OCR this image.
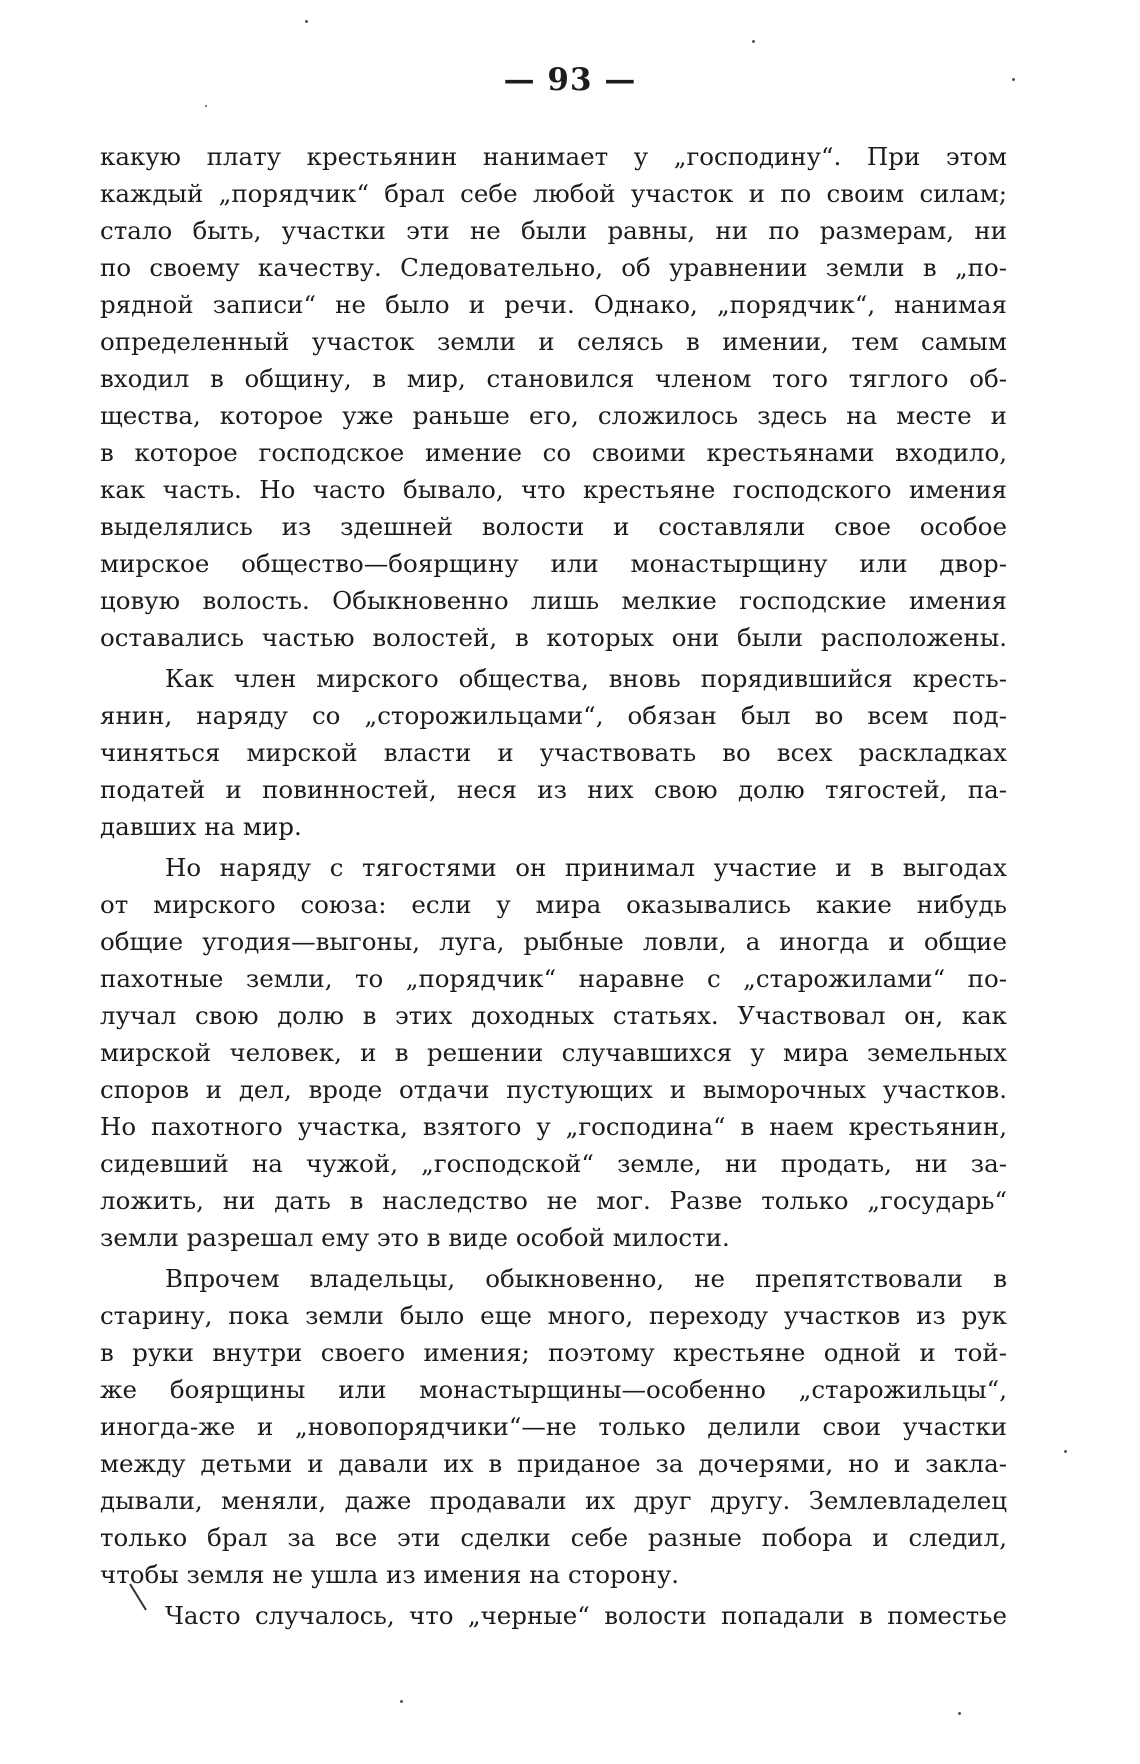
— 93 —
какую плату крестьянин нанимает у „господину“. При этом
каждый „порядчик“ брал себе любой участок и по своим силам;
стало быть, участки эти не были равны, ни по размерам, ни
по своему качеству. Следовательно, об уравнении земли в „по-
рядной записи“ не было и речи. Однако, „порядчик“, нанимая
определенный участок земли и селясь в имении, тем самым
входил в общину, в мир, становился членом того тяглого об-
щества, которое уже раньше его, сложилось здесь на месте и
в которое господское имение со своими крестьянами входило,
как часть. Но часто бывало, что крестьяне господского имения
выделялись из здешней волости и составляли свое особое
мирское общество—боярщину или монастырщину или двор-
цовую волость. Обыкновенно лишь мелкие господские имения
оставались частью волостей, в которых они были расположены.
Как член мирского общества, вновь порядившийся кресть-
янин, наряду со „сторожильцами“, обязан был во всем под-
чиняться мирской власти и участвовать во всех раскладках
податей и повинностей, неся из них свою долю тягостей, па-
давших на мир.
Но наряду с тягостями он принимал участие и в выгодах
от мирского союза: если у мира оказывались какие нибудь
общие угодия—выгоны, луга, рыбные ловли, а иногда и общие
пахотные земли, то „порядчик“ наравне с „старожилами“ по-
лучал свою долю в этих доходных статьях. Участвовал он, как
мирской человек, и в решении случавшихся у мира земельных
споров и дел, вроде отдачи пустующих и выморочных участков.
Но пахотного участка, взятого у „господина“ в наем крестьянин,
сидевший на чужой, „господской“ земле, ни продать, ни за-
ложить, ни дать в наследство не мог. Разве только „государь“
земли разрешал ему это в виде особой милости.
Впрочем владельцы, обыкновенно, не препятствовали в
старину, пока земли было еще много, переходу участков из рук
в руки внутри своего имения; поэтому крестьяне одной и той-
же боярщины или монастырщины—особенно „старожильцы“,
иногда-же и „новопорядчики“—не только делили свои участки
между детьми и давали их в приданое за дочерями, но и закла-
дывали, меняли, даже продавали их друг другу. Землевладелец
только брал за все эти сделки себе разные побора и следил,
чтобы земля не ушла из имения на сторону.
Часто случалось, что „черные“ волости попадали в поместье
